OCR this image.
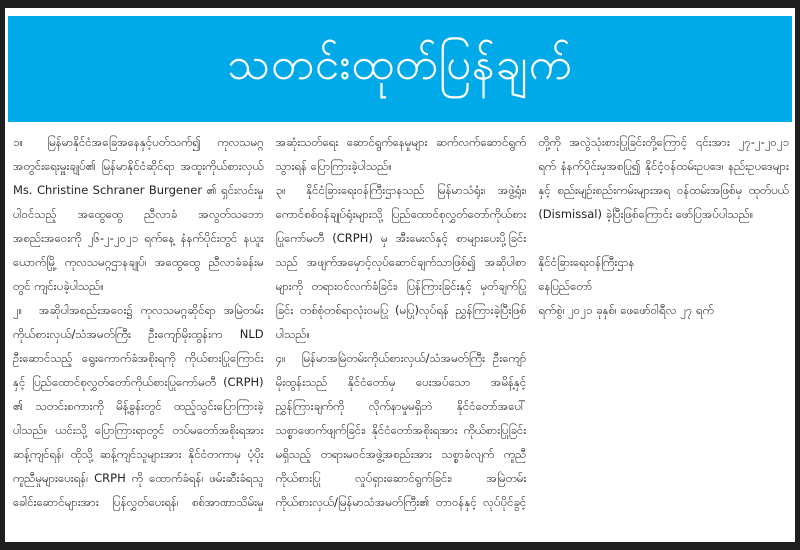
သတင်းထုတ်ပြန်ချက်

၁။ မြန်မာနိုင်ငံအခြေအနေနှင့်ပတ်သက်၍ ကုလသမဂ္ဂ အတွင်းရေးမှူးချုပ်၏ မြန်မာနိုင်ငံဆိုင်ရာ အထူးကိုယ်စားလှယ် Ms. Christine Schraner Burgener ၏ ရှင်းလင်းမှုပါဝင်သည့် အထွေထွေ ညီလာခံ အလွတ်သဘောအစည်းအဝေးကို ၂၆-၂-၂၀၂၁ ရက်နေ့ နံနက်ပိုင်းတွင် နယူးယောက်မြို့ ကုလသမဂ္ဂဌာနချုပ်၊ အထွေထွေ ညီလာခံခန်းမတွင် ကျင်းပခဲ့ပါသည်။

၂။ အဆိုပါအစည်းအဝေး၌ ကုလသမဂ္ဂဆိုင်ရာ အမြဲတမ်းကိုယ်စားလှယ်/သံအမတ်ကြီး ဦးကျော်မိုးထွန်းက NLD ဦးဆောင်သည့် ရွေးကောက်ခံအစိုးရကို ကိုယ်စားပြုကြောင်းနှင့် ပြည်ထောင်စုလွှတ်တော်ကိုယ်စားပြုကော်မတီ (CRPH) ၏ သတင်းစကားကို မိန့်ခွန်းတွင် ထည့်သွင်းပြောကြားခဲ့ပါသည်။ ယင်းသို့ ပြောကြားရာတွင် တပ်မတော်အစိုးရအား ဆန့်ကျင်ရန်၊ ထိုသို့ ဆန့်ကျင်သူများအား နိုင်ငံတကာမှ ပံ့ပိုးကူညီမှုများပေးရန်၊ CRPH ကို ထောက်ခံရန်၊ ဖမ်းဆီးခံရသူ ခေါင်းဆောင်များအား ပြန်လွှတ်ပေးရန်၊ စစ်အာဏာသိမ်းမှုအဆုံးသတ်ရေး ဆောင်ရွက်နေမှုများ ဆက်လက်ဆောင်ရွက်သွားရန် ပြောကြားခဲ့ပါသည်။

၃။ နိုင်ငံခြားရေးဝန်ကြီးဌာနသည် မြန်မာသံရုံး၊ အဖွဲ့ရုံး၊ ကောင်စစ်ဝန်ချုပ်ရုံးများသို့ ပြည်ထောင်စုလွှတ်တော်ကိုယ်စားပြုကော်မတီ (CRPH) မှ အီးမေးလ်နှင့် စာများပေးပို့ခြင်းသည် အဖျက်အမှောင့်လုပ်ဆောင်ချက်သာဖြစ်၍ အဆိုပါစာများကို တရားဝင်လက်ခံခြင်း၊ ပြန်ကြားခြင်းနှင့် မှတ်ချက်ပြုခြင်း တစ်စုံတစ်ရာလုံးဝမပြု (မပြု)လုပ်ရန် ညွှန်ကြားခဲ့ပြီးဖြစ်ပါသည်။

၄။ မြန်မာအမြဲတမ်းကိုယ်စားလှယ်/သံအမတ်ကြီး ဦးကျော်မိုးထွန်းသည် နိုင်ငံတော်မှ ပေးအပ်သော အမိန့်နှင့် ညွှန်ကြားချက်ကို လိုက်နာမှုမရှိဘဲ နိုင်ငံတော်အပေါ် သစ္စာဖောက်ဖျက်ခြင်း၊ နိုင်ငံတော်အစိုးရအား ကိုယ်စားပြုခြင်းမရှိသည့် တရားမဝင်အဖွဲ့အစည်းအား သစ္စာခံလျက် ကူညီကိုယ်စားပြု လှုပ်ရှားဆောင်ရွက်ခြင်း၊ အမြဲတမ်းကိုယ်စားလှယ်/မြန်မာသံအမတ်ကြီး၏ တာဝန်နှင့် လုပ်ပိုင်ခွင့်တို့ကို အလွဲသုံးစားပြုခြင်းတို့ကြောင့် ၎င်းအား ၂၇-၂-၂၀၂၁ ရက် နံနက်ပိုင်းမှအစပြု၍ နိုင်ငံ့ဝန်ထမ်းဥပဒေ၊ နည်းဥပဒေများနှင့် စည်းမျဉ်းစည်းကမ်းများအရ ဝန်ထမ်းအဖြစ်မှ ထုတ်ပယ် (Dismissal) ခဲ့ပြီးဖြစ်ကြောင်း ဖော်ပြအပ်ပါသည်။

နိုင်ငံခြားရေးဝန်ကြီးဌာန
နေပြည်တော်
ရက်စွဲ၊ ၂၀၂၁ ခုနှစ်၊ ဖေဖော်ဝါရီလ ၂၇ ရက်
